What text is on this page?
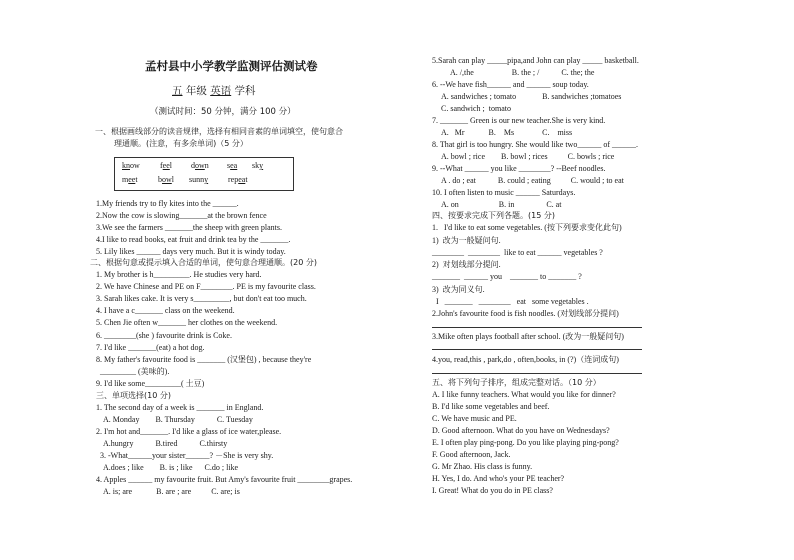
孟村县中小学教学监测评估测试卷
五 年级 英语 学科
（测试时间：50 分钟，满分 100 分）
一、根据画线部分的读音规律，选择有相同音素的单词填空，使句意合
理通顺。(注意，有多余单词)（5 分）
know	feel down sea sky
meet	bowl sunny repeat
1.My friends try to fly kites into the ______.
2.Now the cow is slowing_______at the brown fence
3.We see the farmers _______the sheep with green plants.
4.I like to read books, eat fruit and drink tea by the _______.
5. Lily likes ______ days very much. But it is windy today.
二、根据句意或提示填入合适的单词，使句意合理通顺。(20 分)
1. My brother is h_________. He studies very hard.
2. We have Chinese and PE on F________. PE is my favourite class.
3. Sarah likes cake. It is very s_________, but don't eat too much.
4. I have a c_______ class on the weekend.
5. Chen Jie often w_______ her clothes on the weekend.
6. ________(she ) favourite drink is Coke.
7. I'd like _______(eat) a hot dog.
8. My father's favourite food is _______ (汉堡包) , because they're
_________ (美味的).
9. I'd like some_________( 土豆)
三、单项选择(10 分)
1. The second day of a week is _______ in England.
A. Monday        B. Thursday           C. Tuesday
2. I'm hot and_______. I'd like a glass of ice water,please.
A.hungry           B.tired           C.thirsty
3. -What______your sister______? －She is very shy.
A.does ; like        B. is ; like      C.do ; like
4. Apples ______ my favourite fruit. But Amy's favourite fruit ________grapes.
A. is; are            B. are ; are          C. are; is
5.Sarah can play _____pipa,and John can play _____ basketball.
A. /,the                   B. the ; /           C. the; the
6. --We have fish______ and ______ soup today.
A. sandwiches ; tomato             B. sandwiches ;tomatoes
C. sandwich ;  tomato
7. _______ Green is our new teacher.She is very kind.
A.   Mr            B.    Ms              C.    miss
8. That girl is too hungry. She would like two______ of ______.
A. bowl ; rice        B. bowl ; rices          C. bowls ; rice
9. --What ______ you like ________? --Beef noodles.
A . do ; eat           B. could ; eating          C. would ; to eat
10. I often listen to music ______ Saturdays.
A. on                    B. in                C. at
四、按要求完成下列各题。(15 分)
1.   I'd like to eat some vegetables. (按下列要求变化此句)
1)  改为一般疑问句.
________  ________  like to eat ______ vegetables ?
2)  对划线部分提问.
_______  ______ you    _______ to _______ ?
3)  改为同义句.
I   _______   ________   eat   some vegetables .
2.John's favourite food is fish noodles. (对划线部分提问)
3.Mike often plays football after school. (改为一般疑问句)
4.you, read,this , park,do , often,books, in (?)（连词成句)
五、将下列句子排序，组成完整对话。（10 分）
A. I like funny teachers. What would you like for dinner?
B. I'd like some vegetables and beef.
C. We have music and PE.
D. Good afternoon. What do you have on Wednesdays?
E. I often play ping-pong. Do you like playing ping-pong?
F. Good afternoon, Jack.
G. Mr Zhao. His class is funny.
H. Yes, I do. And who's your PE teacher?
I. Great! What do you do in PE class?
